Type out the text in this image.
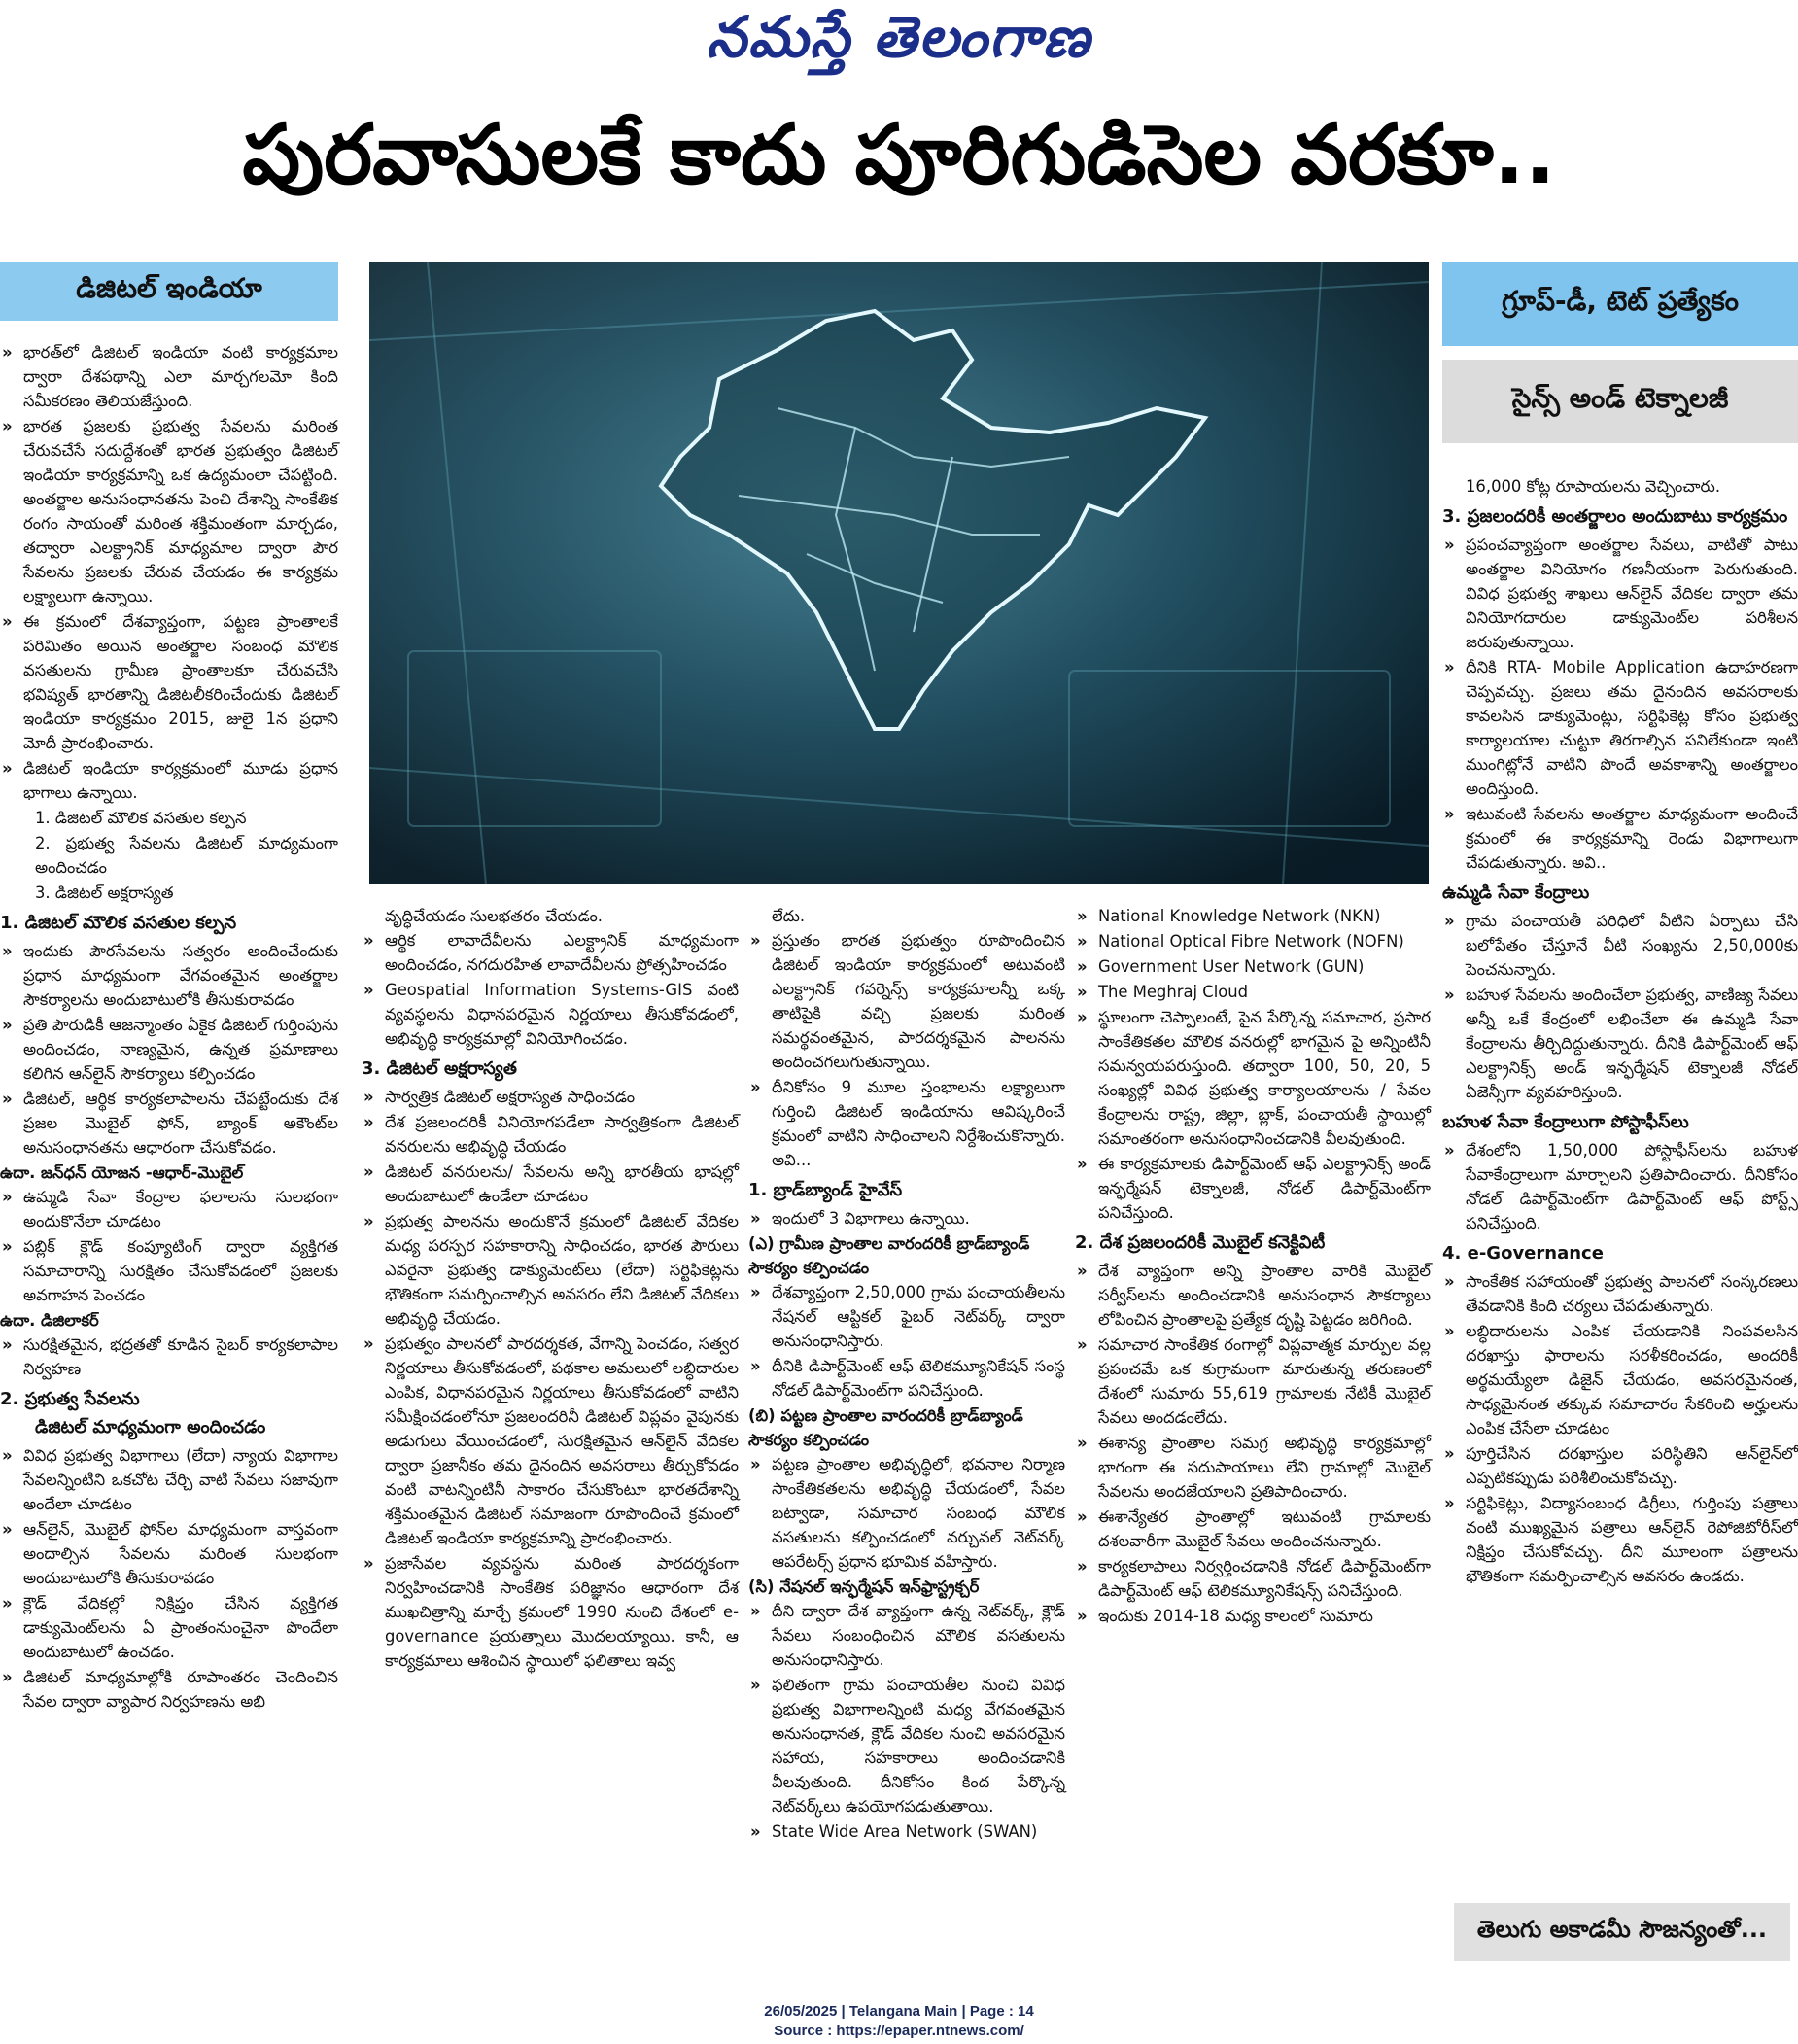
నమస్తే తెలంగాణ
పురవాసులకే కాదు పూరిగుడిసెల వరకూ..
డిజిటల్ ఇండియా	గ్రూప్-డీ, టెట్ ప్రత్యేకం
సైన్స్ అండ్ టెక్నాలజీ
» భారత్‌లో డిజిటల్ ఇండియా వంటి కార్యక్రమాల ద్వారా దేశపథాన్ని ఎలా మార్చగలమో కింది సమీకరణం తెలియజేస్తుంది.
» భారత ప్రజలకు ప్రభుత్వ సేవలను మరింత చేరువచేసే సదుద్దేశంతో భారత ప్రభుత్వం డిజిటల్ ఇండియా కార్యక్రమాన్ని ఒక ఉద్యమంలా చేపట్టింది. అంతర్జాల అనుసంధానతను పెంచి దేశాన్ని సాంకేతిక రంగం సాయంతో మరింత శక్తిమంతంగా మార్చడం, తద్వారా ఎలక్ట్రానిక్ మాధ్యమాల ద్వారా పౌర సేవలను ప్రజలకు చేరువ చేయడం ఈ కార్యక్రమ లక్ష్యాలుగా ఉన్నాయి.
» ఈ క్రమంలో దేశవ్యాప్తంగా, పట్టణ ప్రాంతాలకే పరిమితం అయిన అంతర్జాల సంబంధ మౌలిక వసతులను గ్రామీణ ప్రాంతాలకూ చేరువచేసి భవిష్యత్ భారతాన్ని డిజిటలీకరించేందుకు డిజిటల్ ఇండియా కార్యక్రమం 2015, జులై 1న ప్రధాని మోదీ ప్రారంభించారు.
» డిజిటల్ ఇండియా కార్యక్రమంలో మూడు ప్రధాన భాగాలు ఉన్నాయి.
1. డిజిటల్ మౌలిక వసతుల కల్పన
2. ప్రభుత్వ సేవలను డిజిటల్ మాధ్యమంగా అందించడం
3. డిజిటల్ అక్షరాస్యత
1. డిజిటల్ మౌలిక వసతుల కల్పన
» ఇందుకు పౌరసేవలను సత్వరం అందించేందుకు ప్రధాన మాధ్యమంగా వేగవంతమైన అంతర్జాల సౌకర్యాలను అందుబాటులోకి తీసుకురావడం
» ప్రతి పౌరుడికీ ఆజన్మాంతం ఏకైక డిజిటల్ గుర్తింపును అందించడం, నాణ్యమైన, ఉన్నత ప్రమాణాలు కలిగిన ఆన్‌లైన్ సౌకర్యాలు కల్పించడం
» డిజిటల్, ఆర్థిక కార్యకలాపాలను చేపట్టేందుకు దేశ ప్రజల మొబైల్ ఫోన్, బ్యాంక్ అకౌంట్‌ల అనుసంధానతను ఆధారంగా చేసుకోవడం.
ఉదా. జన్‌ధన్ యోజన -ఆధార్-మొబైల్
» ఉమ్మడి సేవా కేంద్రాల ఫలాలను సులభంగా అందుకొనేలా చూడటం
» పబ్లిక్ క్లౌడ్ కంప్యూటింగ్ ద్వారా వ్యక్తిగత సమాచారాన్ని సురక్షితం చేసుకోవడంలో ప్రజలకు అవగాహన పెంచడం
ఉదా. డిజిలాకర్
» సురక్షితమైన, భద్రతతో కూడిన సైబర్ కార్యకలాపాల నిర్వహణ
2. ప్రభుత్వ సేవలను
డిజిటల్ మాధ్యమంగా అందించడం
» వివిధ ప్రభుత్వ విభాగాలు (లేదా) న్యాయ విభాగాల సేవలన్నింటిని ఒకచోట చేర్చి వాటి సేవలు సజావుగా అందేలా చూడటం
» ఆన్‌లైన్, మొబైల్ ఫోన్‌ల మాధ్యమంగా వాస్తవంగా అందాల్సిన సేవలను మరింత సులభంగా అందుబాటులోకి తీసుకురావడం
» క్లౌడ్ వేదికల్లో నిక్షిప్తం చేసిన వ్యక్తిగత డాక్యుమెంట్‌లను ఏ ప్రాంతంనుంచైనా పొందేలా అందుబాటులో ఉంచడం.
» డిజిటల్ మాధ్యమాల్లోకి రూపాంతరం చెందించిన సేవల ద్వారా వ్యాపార నిర్వహణను అభి
వృద్ధిచేయడం సులభతరం చేయడం.
» ఆర్థిక లావాదేవీలను ఎలక్ట్రానిక్ మాధ్యమంగా అందించడం, నగదురహిత లావాదేవీలను ప్రోత్సహించడం
» Geospatial Information Systems-GIS వంటి వ్యవస్థలను విధానపరమైన నిర్ణయాలు తీసుకోవడంలో, అభివృద్ధి కార్యక్రమాల్లో వినియోగించడం.
3. డిజిటల్ అక్షరాస్యత
» సార్వత్రిక డిజిటల్ అక్షరాస్యత సాధించడం
» దేశ ప్రజలందరికీ వినియోగపడేలా సార్వత్రికంగా డిజిటల్ వనరులను అభివృద్ధి చేయడం
» డిజిటల్ వనరులను/ సేవలను అన్ని భారతీయ భాషల్లో అందుబాటులో ఉండేలా చూడటం
» ప్రభుత్వ పాలనను అందుకొనే క్రమంలో డిజిటల్ వేదికల మధ్య పరస్పర సహకారాన్ని సాధించడం, భారత పౌరులు ఎవరైనా ప్రభుత్వ డాక్యుమెంట్‌లు (లేదా) సర్టిఫికెట్లను భౌతికంగా సమర్పించాల్సిన అవసరం లేని డిజిటల్ వేదికలు అభివృద్ధి చేయడం.
» ప్రభుత్వం పాలనలో పారదర్శకత, వేగాన్ని పెంచడం, సత్వర నిర్ణయాలు తీసుకోవడంలో, పథకాల అమలులో లబ్ధిదారుల ఎంపిక, విధానపరమైన నిర్ణయాలు తీసుకోవడంలో వాటిని సమీక్షించడంలోనూ ప్రజలందరినీ డిజిటల్ విప్లవం వైపునకు అడుగులు వేయించడంలో, సురక్షితమైన ఆన్‌లైన్ వేదికల ద్వారా ప్రజానీకం తమ దైనందిన అవసరాలు తీర్చుకోవడం వంటి వాటన్నింటినీ సాకారం చేసుకొంటూ భారతదేశాన్ని శక్తిమంతమైన డిజిటల్ సమాజంగా రూపొందించే క్రమంలో డిజిటల్ ఇండియా కార్యక్రమాన్ని ప్రారంభించారు.
» ప్రజాసేవల వ్యవస్థను మరింత పారదర్శకంగా నిర్వహించడానికి సాంకేతిక పరిజ్ఞానం ఆధారంగా దేశ ముఖచిత్రాన్ని మార్చే క్రమంలో 1990 నుంచి దేశంలో e-governance ప్రయత్నాలు మొదలయ్యాయి. కానీ, ఆ కార్యక్రమాలు ఆశించిన స్థాయిలో ఫలితాలు ఇవ్వ
లేదు.
» ప్రస్తుతం భారత ప్రభుత్వం రూపొందించిన డిజిటల్ ఇండియా కార్యక్రమంలో అటువంటి ఎలక్ట్రానిక్ గవర్నెన్స్ కార్యక్రమాలన్నీ ఒక్క తాటిపైకి వచ్చి ప్రజలకు మరింత సమర్థవంతమైన, పారదర్శకమైన పాలనను అందించగలుగుతున్నాయి.
» దీనికోసం 9 మూల స్తంభాలను లక్ష్యాలుగా గుర్తించి డిజిటల్ ఇండియాను ఆవిష్కరించే క్రమంలో వాటిని సాధించాలని నిర్దేశించుకొన్నారు. అవి...
1. బ్రాడ్‌బ్యాండ్ హైవేస్
» ఇందులో 3 విభాగాలు ఉన్నాయి.
(ఎ) గ్రామీణ ప్రాంతాల వారందరికీ బ్రాడ్‌బ్యాండ్ సౌకర్యం కల్పించడం
» దేశవ్యాప్తంగా 2,50,000 గ్రామ పంచాయతీలను నేషనల్ ఆప్టికల్ ఫైబర్ నెట్‌వర్క్ ద్వారా అనుసంధానిస్తారు.
» దీనికి డిపార్ట్‌మెంట్ ఆఫ్ టెలికమ్యూనికేషన్ సంస్థ నోడల్ డిపార్ట్‌మెంట్‌గా పనిచేస్తుంది.
(బి) పట్టణ ప్రాంతాల వారందరికీ బ్రాడ్‌బ్యాండ్ సౌకర్యం కల్పించడం
» పట్టణ ప్రాంతాల అభివృద్ధిలో, భవనాల నిర్మాణ సాంకేతికతలను అభివృద్ధి చేయడంలో, సేవల బట్వాడా, సమాచార సంబంధ మౌలిక వసతులను కల్పించడంలో వర్చువల్ నెట్‌వర్క్ ఆపరేటర్స్ ప్రధాన భూమిక వహిస్తారు.
(సి) నేషనల్ ఇన్ఫర్మేషన్ ఇన్‌ఫ్రాస్ట్రక్చర్
» దీని ద్వారా దేశ వ్యాప్తంగా ఉన్న నెట్‌వర్క్, క్లౌడ్ సేవలు సంబంధించిన మౌలిక వసతులను అనుసంధానిస్తారు.
» ఫలితంగా గ్రామ పంచాయతీల నుంచి వివిధ ప్రభుత్వ విభాగాలన్నింటి మధ్య వేగవంతమైన అనుసంధానత, క్లౌడ్ వేదికల నుంచి అవసరమైన సహాయ, సహకారాలు అందించడానికి వీలవుతుంది. దీనికోసం కింద పేర్కొన్న నెట్‌వర్క్‌లు ఉపయోగపడుతుతాయి.
» State Wide Area Network (SWAN)
» National Knowledge Network (NKN)
» National Optical Fibre Network (NOFN)
» Government User Network (GUN)
» The Meghraj Cloud
» స్థూలంగా చెప్పాలంటే, పైన పేర్కొన్న సమాచార, ప్రసార సాంకేతికతల మౌలిక వనరుల్లో భాగమైన పై అన్నింటినీ సమన్వయపరుస్తుంది. తద్వారా 100, 50, 20, 5 సంఖ్యల్లో వివిధ ప్రభుత్వ కార్యాలయాలను / సేవల కేంద్రాలను రాష్ట్ర, జిల్లా, బ్లాక్, పంచాయతీ స్థాయిల్లో సమాంతరంగా అనుసంధానించడానికి వీలవుతుంది.
» ఈ కార్యక్రమాలకు డిపార్ట్‌మెంట్ ఆఫ్ ఎలక్ట్రానిక్స్ అండ్ ఇన్ఫర్మేషన్ టెక్నాలజీ, నోడల్ డిపార్ట్‌మెంట్‌గా పనిచేస్తుంది.
2. దేశ ప్రజలందరికీ మొబైల్ కనెక్టివిటీ
» దేశ వ్యాప్తంగా అన్ని ప్రాంతాల వారికి మొబైల్ సర్వీస్‌లను అందించడానికి అనుసంధాన సౌకర్యాలు లోపించిన ప్రాంతాలపై ప్రత్యేక దృష్టి పెట్టడం జరిగింది.
» సమాచార సాంకేతిక రంగాల్లో విప్లవాత్మక మార్పుల వల్ల ప్రపంచమే ఒక కుగ్రామంగా మారుతున్న తరుణంలో దేశంలో సుమారు 55,619 గ్రామాలకు నేటికీ మొబైల్ సేవలు అందడంలేదు.
» ఈశాన్య ప్రాంతాల సమగ్ర అభివృద్ధి కార్యక్రమాల్లో భాగంగా ఈ సదుపాయాలు లేని గ్రామాల్లో మొబైల్ సేవలను అందజేయాలని ప్రతిపాదించారు.
» ఈశాన్యేతర ప్రాంతాల్లో ఇటువంటి గ్రామాలకు దశలవారీగా మొబైల్ సేవలు అందించనున్నారు.
» కార్యకలాపాలు నిర్వర్తించడానికి నోడల్ డిపార్ట్‌మెంట్‌గా డిపార్ట్‌మెంట్ ఆఫ్ టెలికమ్యూనికేషన్స్ పనిచేస్తుంది.
» ఇందుకు 2014-18 మధ్య కాలంలో సుమారు
16,000 కోట్ల రూపాయలను వెచ్చించారు.
3. ప్రజలందరికీ అంతర్జాలం అందుబాటు కార్యక్రమం
» ప్రపంచవ్యాప్తంగా అంతర్జాల సేవలు, వాటితో పాటు అంతర్జాల వినియోగం గణనీయంగా పెరుగుతుంది. వివిధ ప్రభుత్వ శాఖలు ఆన్‌లైన్ వేదికల ద్వారా తమ వినియోగదారుల డాక్యుమెంట్‌ల పరిశీలన జరుపుతున్నాయి.
» దీనికి RTA- Mobile Application ఉదాహరణగా చెప్పవచ్చు. ప్రజలు తమ దైనందిన అవసరాలకు కావలసిన డాక్యుమెంట్లు, సర్టిఫికెట్ల కోసం ప్రభుత్వ కార్యాలయాల చుట్టూ తిరగాల్సిన పనిలేకుండా ఇంటి ముంగిట్లోనే వాటిని పొందే అవకాశాన్ని అంతర్జాలం అందిస్తుంది.
» ఇటువంటి సేవలను అంతర్జాల మాధ్యమంగా అందించే క్రమంలో ఈ కార్యక్రమాన్ని రెండు విభాగాలుగా చేపడుతున్నారు. అవి..
ఉమ్మడి సేవా కేంద్రాలు
» గ్రామ పంచాయతీ పరిధిలో వీటిని ఏర్పాటు చేసి బలోపేతం చేస్తూనే వీటి సంఖ్యను 2,50,000కు పెంచనున్నారు.
» బహుళ సేవలను అందించేలా ప్రభుత్వ, వాణిజ్య సేవలు అన్నీ ఒకే కేంద్రంలో లభించేలా ఈ ఉమ్మడి సేవా కేంద్రాలను తీర్చిదిద్దుతున్నారు. దీనికి డిపార్ట్‌మెంట్ ఆఫ్ ఎలక్ట్రానిక్స్ అండ్ ఇన్ఫర్మేషన్ టెక్నాలజీ నోడల్ ఏజెన్సీగా వ్యవహరిస్తుంది.
బహుళ సేవా కేంద్రాలుగా పోస్టాఫీస్‌లు
» దేశంలోని 1,50,000 పోస్టాఫీస్‌లను బహుళ సేవాకేంద్రాలుగా మార్చాలని ప్రతిపాదించారు. దీనికోసం నోడల్ డిపార్ట్‌మెంట్‌గా డిపార్ట్‌మెంట్ ఆఫ్ పోస్ట్స్ పనిచేస్తుంది.
4. e-Governance
» సాంకేతిక సహాయంతో ప్రభుత్వ పాలనలో సంస్కరణలు తేవడానికి కింది చర్యలు చేపడుతున్నారు.
» లబ్ధిదారులను ఎంపిక చేయడానికి నింపవలసిన దరఖాస్తు ఫారాలను సరళీకరించడం, అందరికీ అర్థమయ్యేలా డిజైన్ చేయడం, అవసరమైనంత, సాధ్యమైనంత తక్కువ సమాచారం సేకరించి అర్హులను ఎంపిక చేసేలా చూడటం
» పూర్తిచేసిన దరఖాస్తుల పరిస్థితిని ఆన్‌లైన్‌లో ఎప్పటికప్పుడు పరిశీలించుకోవచ్చు.
» సర్టిఫికెట్లు, విద్యాసంబంధ డిగ్రీలు, గుర్తింపు పత్రాలు వంటి ముఖ్యమైన పత్రాలు ఆన్‌లైన్ రెపోజిటోరీస్‌లో నిక్షిప్తం చేసుకోవచ్చు. దీని మూలంగా పత్రాలను భౌతికంగా సమర్పించాల్సిన అవసరం ఉండదు.
తెలుగు అకాడమీ సౌజన్యంతో...
26/05/2025 | Telangana Main | Page : 14
Source : https://epaper.ntnews.com/
